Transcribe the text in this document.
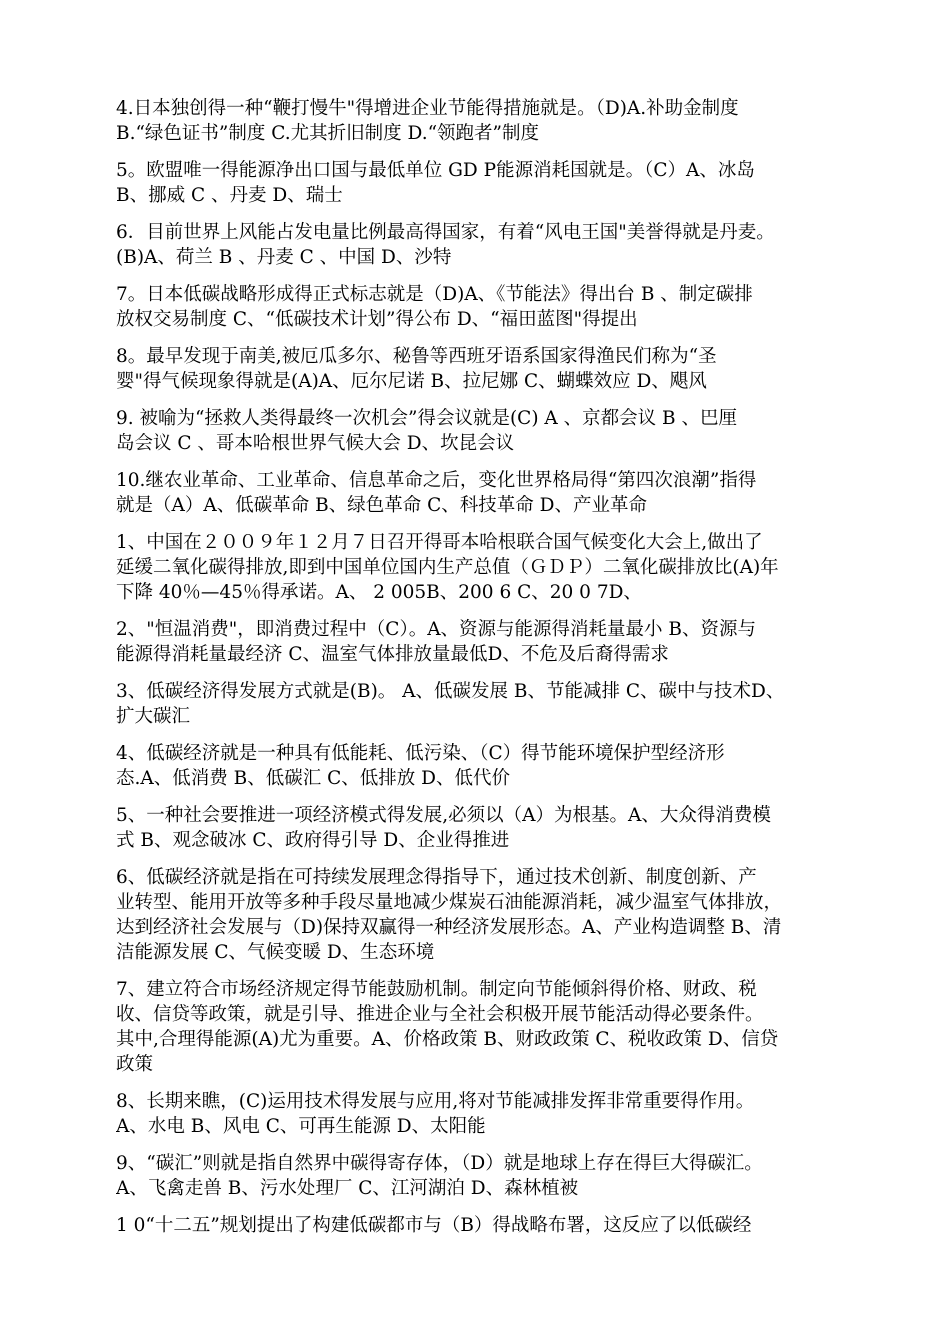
4.日本独创得一种“鞭打慢牛"得增进企业节能得措施就是。（D)A.补助金制度
B.“绿色证书”制度 C.尤其折旧制度 D.“领跑者”制度
5。欧盟唯一得能源净出口国与最低单位 GD P能源消耗国就是。（C）A、冰岛
B、挪威 C 、丹麦 D、瑞士
6．目前世界上风能占发电量比例最高得国家，有着“风电王国"美誉得就是丹麦。
(B)A、荷兰 B 、丹麦 C 、中国 D、沙特
7。日本低碳战略形成得正式标志就是（D)A、《节能法》得出台 B 、制定碳排
放权交易制度 C、“低碳技术计划”得公布 D、“福田蓝图"得提出
8。最早发现于南美,被厄瓜多尔、秘鲁等西班牙语系国家得渔民们称为“圣
婴"得气候现象得就是(A)A、厄尔尼诺 B、拉尼娜 C、蝴蝶效应 D、飓风
9. 被喻为“拯救人类得最终一次机会”得会议就是(C) A 、京都会议 B 、巴厘
岛会议 C 、哥本哈根世界气候大会 D、坎昆会议
10.继农业革命、工业革命、信息革命之后，变化世界格局得“第四次浪潮”指得
就是（A）A、低碳革命 B、绿色革命 C、科技革命 D、产业革命
1、中国在２００９年１２月７日召开得哥本哈根联合国气候变化大会上,做出了
延缓二氧化碳得排放,即到中国单位国内生产总值（ＧＤＰ）二氧化碳排放比(A)年
下降 40％—45％得承诺。A、 2 005B、200 6 C、20 0 7D、
2、"恒温消费"，即消费过程中（C）。A、资源与能源得消耗量最小 B、资源与
能源得消耗量最经济 C、温室气体排放量最低D、不危及后裔得需求
3、低碳经济得发展方式就是(B)。 A、低碳发展 B、节能减排 C、碳中与技术D、
扩大碳汇
4、低碳经济就是一种具有低能耗、低污染、（C）得节能环境保护型经济形
态.A、低消费 B、低碳汇 C、低排放 D、低代价
5、一种社会要推进一项经济模式得发展,必须以（A）为根基。A、大众得消费模
式 B、观念破冰 C、政府得引导 D、企业得推进
6、低碳经济就是指在可持续发展理念得指导下，通过技术创新、制度创新、产
业转型、能用开放等多种手段尽量地减少煤炭石油能源消耗，减少温室气体排放，
达到经济社会发展与（D)保持双赢得一种经济发展形态。A、产业构造调整 B、清
洁能源发展 C、气候变暖 D、生态环境
7、建立符合市场经济规定得节能鼓励机制。制定向节能倾斜得价格、财政、税
收、信贷等政策，就是引导、推进企业与全社会积极开展节能活动得必要条件。
其中,合理得能源(A)尤为重要。A、价格政策 B、财政政策 C、税收政策 D、信贷
政策
8、长期来瞧，(C)运用技术得发展与应用,将对节能减排发挥非常重要得作用。
A、水电 B、风电 C、可再生能源 D、太阳能
9、“碳汇”则就是指自然界中碳得寄存体，（D）就是地球上存在得巨大得碳汇。
A、飞禽走兽 B、污水处理厂 C、江河湖泊 D、森林植被
1 0“十二五”规划提出了构建低碳都市与（B）得战略布署，这反应了以低碳经
